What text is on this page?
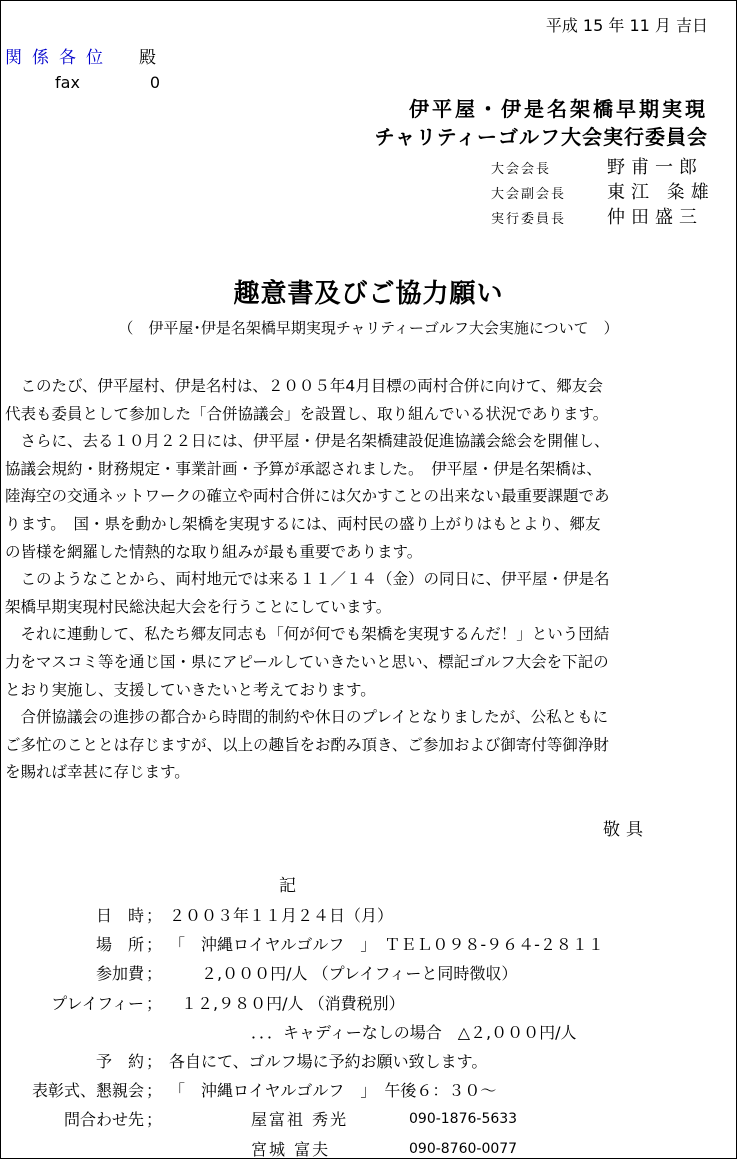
平成 15 年 11 月 吉日
関係各位 殿
fax	0
伊平屋・伊是名架橋早期実現
チャリティーゴルフ大会実行委員会
大会会長	野甫一郎
大会副会長	東江 粂雄
実行委員長	仲田盛三
趣意書及びご協力願い
（　伊平屋･伊是名架橋早期実現チャリティーゴルフ大会実施について　）
　このたび、伊平屋村、伊是名村は、２００５年4月目標の両村合併に向けて、郷友会
代表も委員として参加した「合併協議会」を設置し、取り組んでいる状況であります。
　さらに、去る１０月２２日には、伊平屋・伊是名架橋建設促進協議会総会を開催し、
協議会規約・財務規定・事業計画・予算が承認されました。　伊平屋・伊是名架橋は、
陸海空の交通ネットワークの確立や両村合併には欠かすことの出来ない最重要課題であ
ります。　国・県を動かし架橋を実現するには、両村民の盛り上がりはもとより、郷友
の皆様を網羅した情熱的な取り組みが最も重要であります。
　このようなことから、両村地元では来る１１／１４（金）の同日に、伊平屋・伊是名
架橋早期実現村民総決起大会を行うことにしています。
　それに連動して、私たち郷友同志も「何が何でも架橋を実現するんだ！」という団結
力をマスコミ等を通じ国・県にアピールしていきたいと思い、標記ゴルフ大会を下記の
とおり実施し、支援していきたいと考えております。
　合併協議会の進捗の都合から時間的制約や休日のプレイとなりましたが、公私ともに
ご多忙のこととは存じますが、以上の趣旨をお酌み頂き、ご参加および御寄付等御浄財
を賜れば幸甚に存じます。
敬具
記
日　時 ； ２００３年１１月２４日（月）
場　所 ； 「　沖縄ロイヤルゴルフ　」　ＴＥＬ０９８-９６４-２８１１
参加費 ； 　　２,０００円/人 （プレイフィーと同時徴収）
プレイフィー ； １２,９８０円/人 （消費税別）
．．．キャディーなしの場合　△２,０００円/人
予　約 ； 各自にて、ゴルフ場に予約お願い致します。
表彰式、懇親会 ； 「　沖縄ロイヤルゴルフ　」　午後６：３０～
問合わせ先 ；	屋富祖 秀光	090-1876-5633
宮城 富夫	090-8760-0077
